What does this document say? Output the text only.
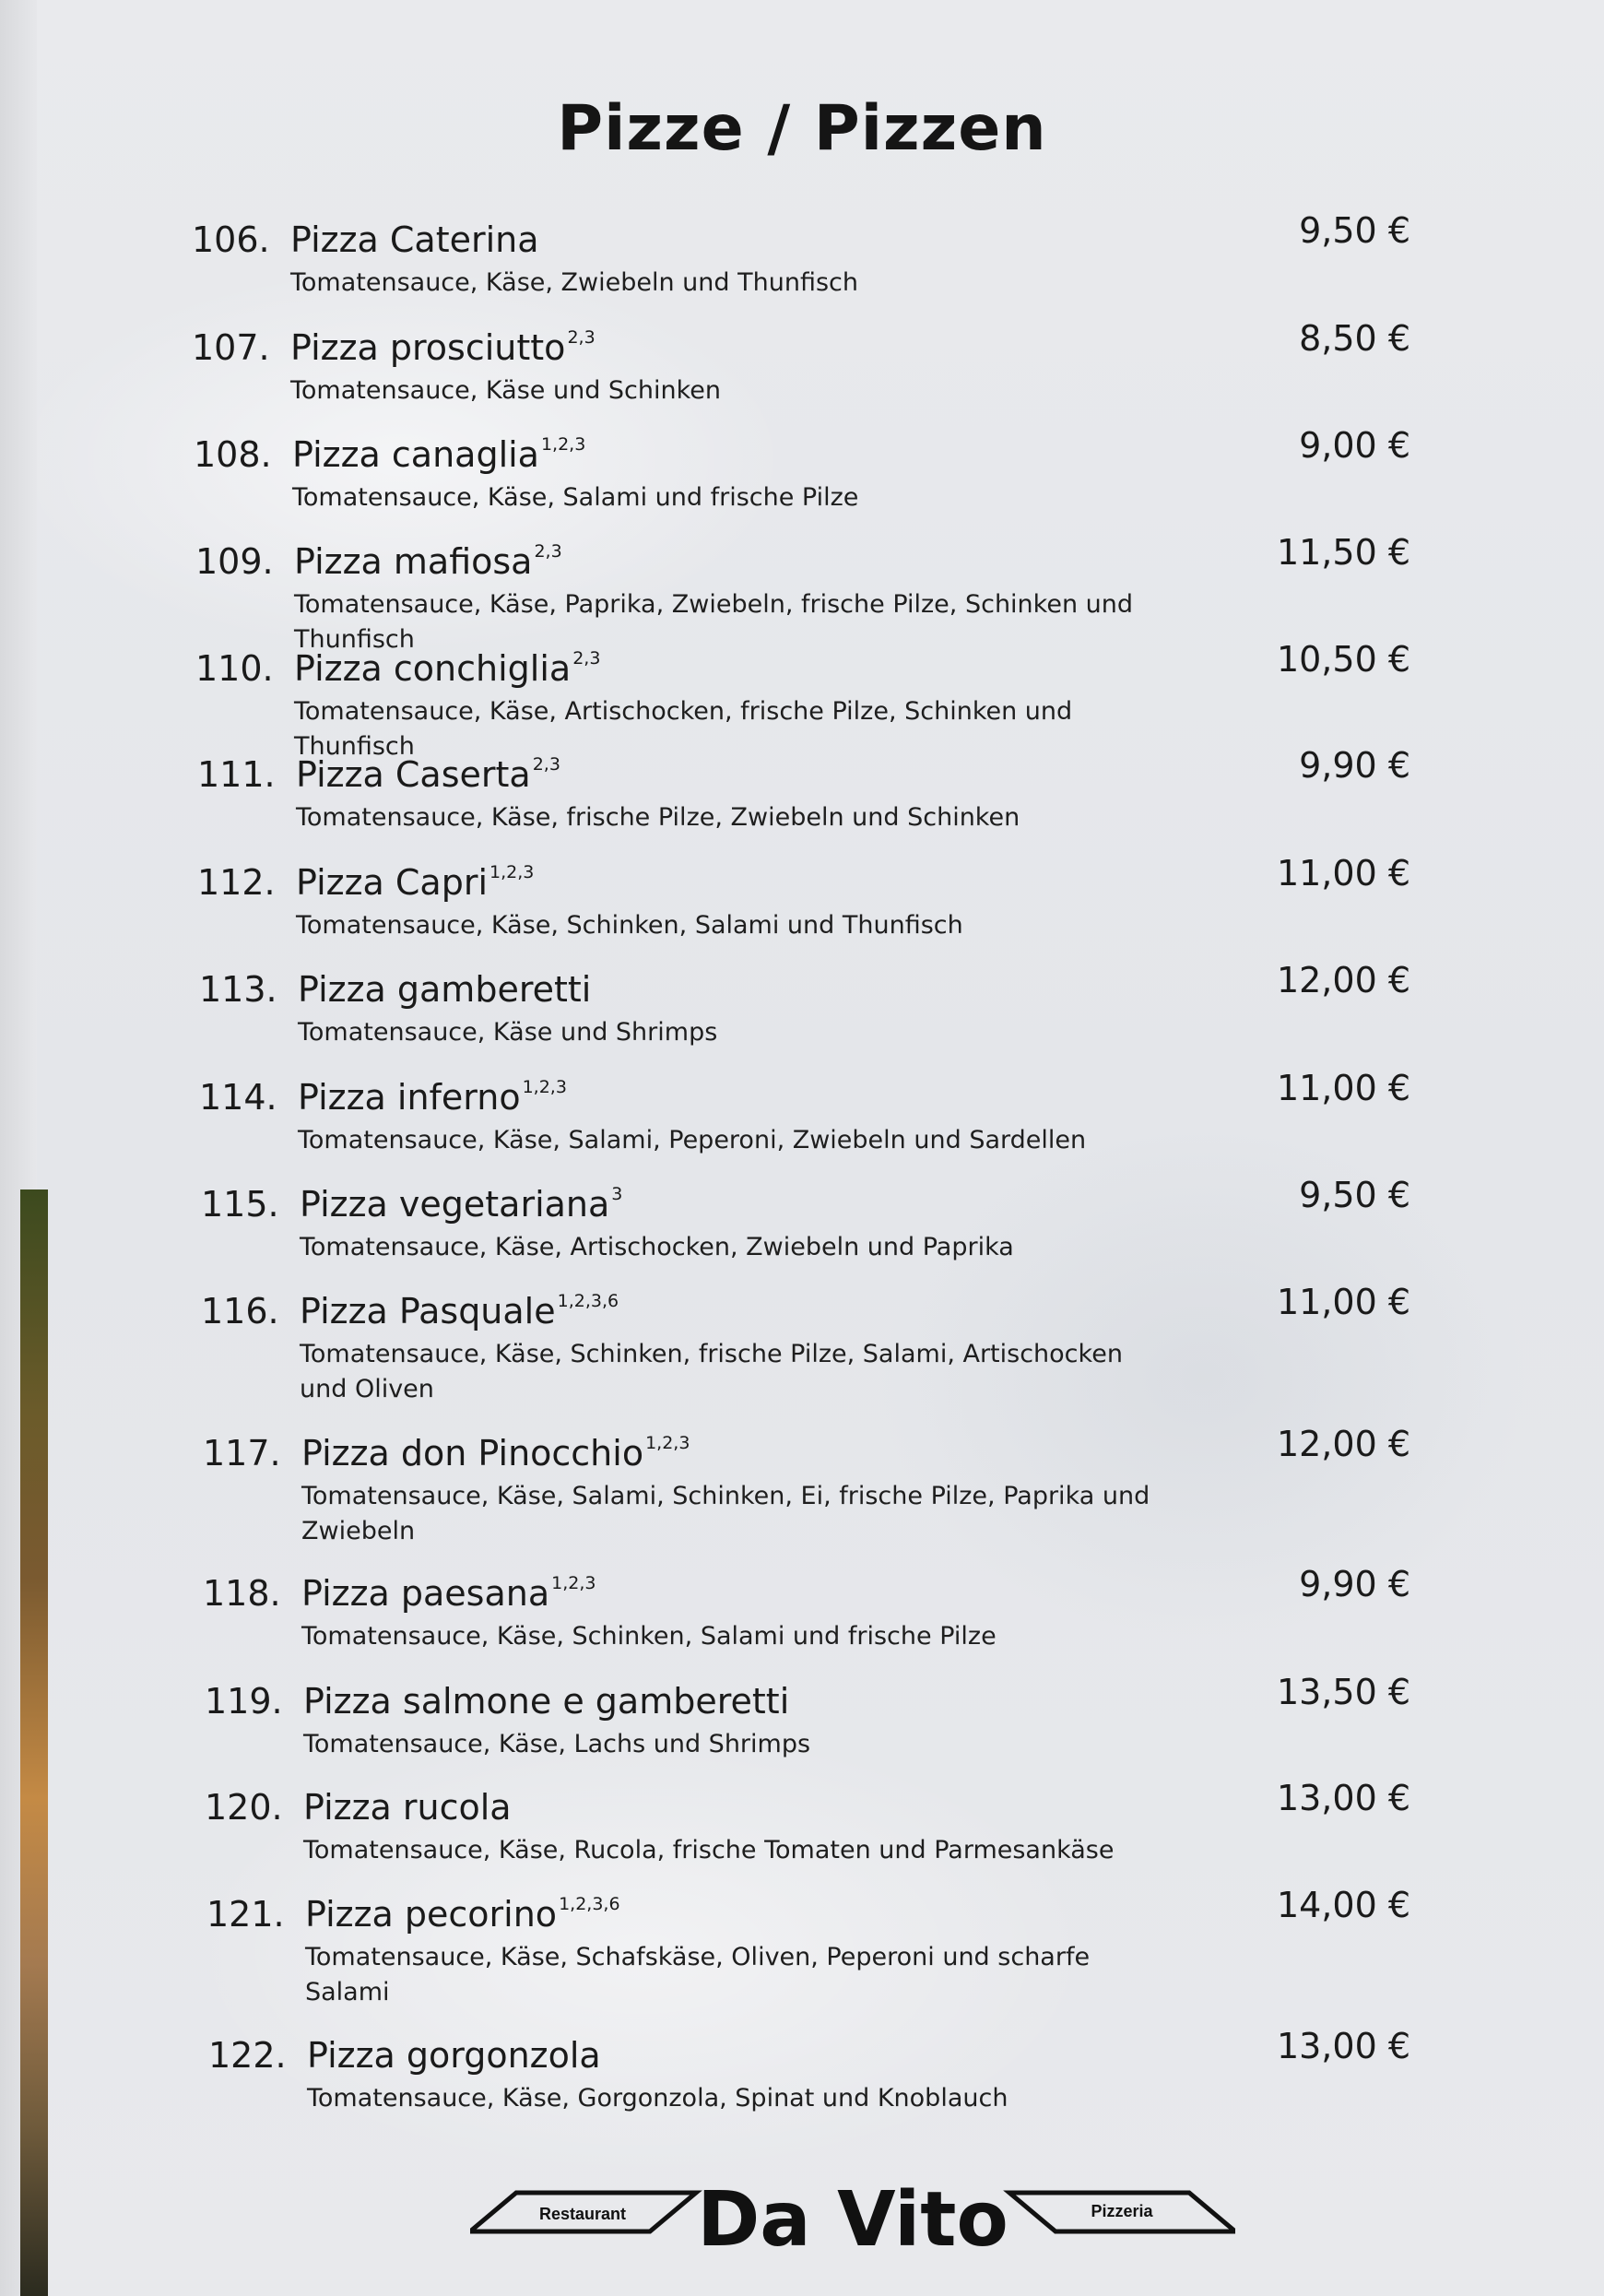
Pizze / Pizzen
106. Pizza Caterina
Tomatensauce, Käse, Zwiebeln und Thunfisch
9,50 €
107. Pizza prosciutto $^{2,3}$
Tomatensauce, Käse und Schinken
8,50 €
108. Pizza canaglia $^{1,2,3}$
Tomatensauce, Käse, Salami und frische Pilze
9,00 €
109. Pizza mafiosa $^{2,3}$
Tomatensauce, Käse, Paprika, Zwiebeln, frische Pilze, Schinken und Thunfisch
11,50 €
110. Pizza conchiglia $^{2,3}$
Tomatensauce, Käse, Artischocken, frische Pilze, Schinken und Thunfisch
10,50 €
111. Pizza Caserta $^{2,3}$
Tomatensauce, Käse, frische Pilze, Zwiebeln und Schinken
9,90 €
112. Pizza Capri $^{1,2,3}$
Tomatensauce, Käse, Schinken, Salami und Thunfisch
11,00 €
113. Pizza gamberetti
Tomatensauce, Käse und Shrimps
12,00 €
114. Pizza inferno $^{1,2,3}$
Tomatensauce, Käse, Salami, Peperoni, Zwiebeln und Sardellen
11,00 €
115. Pizza vegetariana $^3$
Tomatensauce, Käse, Artischocken, Zwiebeln und Paprika
9,50 €
116. Pizza Pasquale $^{1,2,3,6}$
Tomatensauce, Käse, Schinken, frische Pilze, Salami, Artischocken und Oliven
11,00 €
117. Pizza don Pinocchio $^{1,2,3}$
Tomatensauce, Käse, Salami, Schinken, Ei, frische Pilze, Paprika und Zwiebeln
12,00 €
118. Pizza paesana $^{1,2,3}$
Tomatensauce, Käse, Schinken, Salami und frische Pilze
9,90 €
119. Pizza salmone e gamberetti
Tomatensauce, Käse, Lachs und Shrimps
13,50 €
120. Pizza rucola
Tomatensauce, Käse, Rucola, frische Tomaten und Parmesankäse
13,00 €
121. Pizza pecorino $^{1,2,3,6}$
Tomatensauce, Käse, Schafskäse, Oliven, Peperoni und scharfe Salami
14,00 €
122. Pizza gorgonzola
Tomatensauce, Käse, Gorgonzola, Spinat und Knoblauch
13,00 €
Restaurant	Pizzeria
Da Vito
